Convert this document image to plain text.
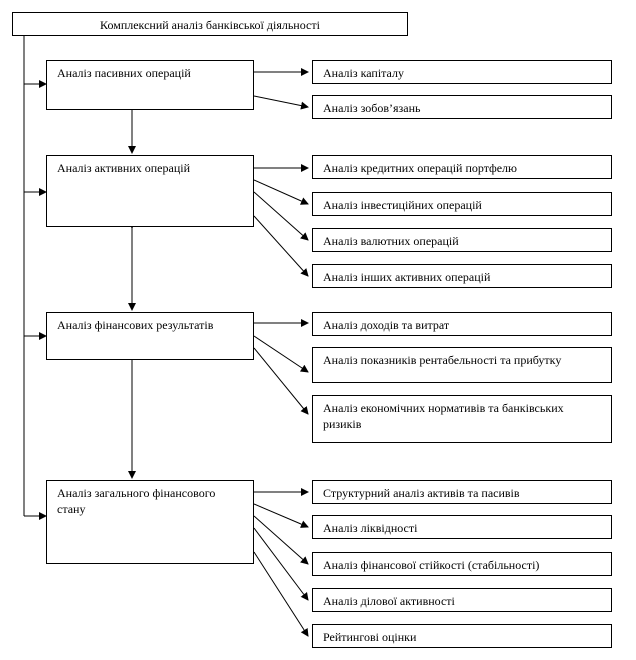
Комплексний аналіз банківської діяльності
Аналіз пасивних операцій
Аналіз активних операцій
Аналіз фінансових результатів
Аналіз загального фінансового стану
Аналіз капіталу
Аналіз зобов’язань
Аналіз кредитних операцій портфелю
Аналіз інвестиційних операцій
Аналіз валютних операцій
Аналіз інших активних операцій
Аналіз доходів та витрат
Аналіз показників рентабельності та прибутку
Аналіз економічних нормативів та банківських ризиків
Структурний аналіз активів та пасивів
Аналіз ліквідності
Аналіз фінансової стійкості (стабільності)
Аналіз ділової активності
Рейтингові оцінки
